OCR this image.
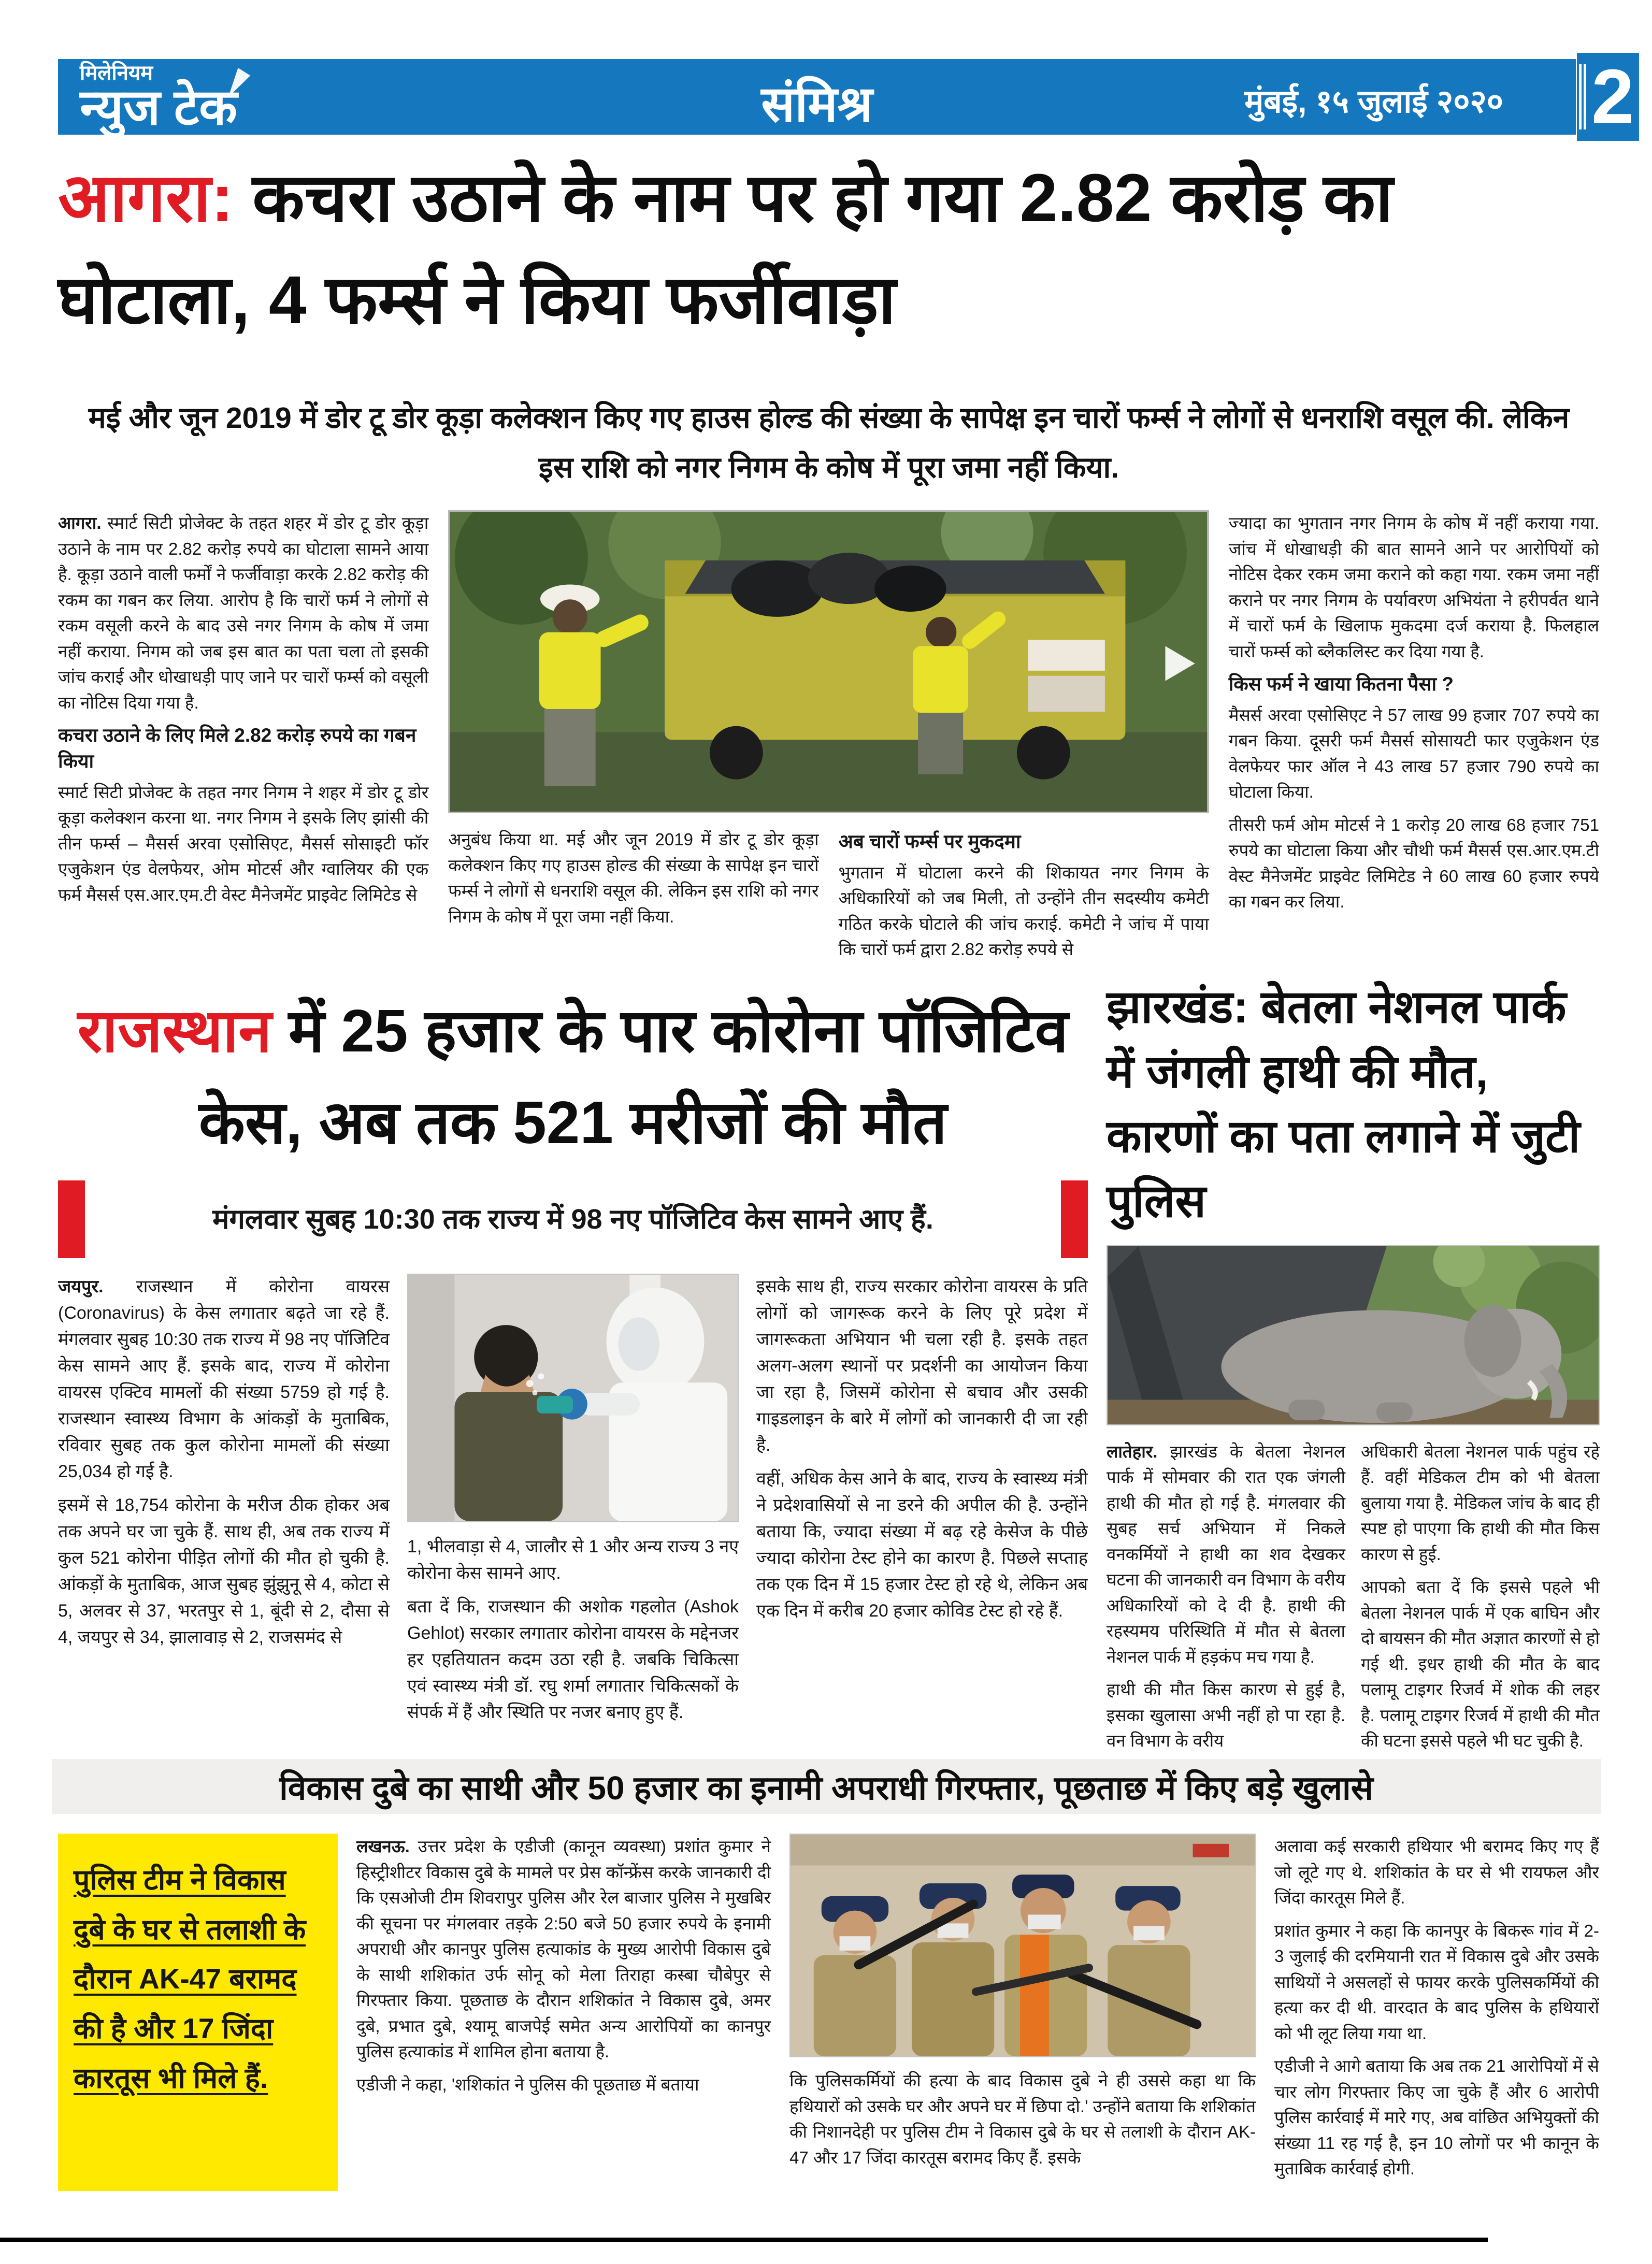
मिलेनियम
न्युज टेक	संमिश्र	मुंबई, १५ जुलाई २०२० 2
आगरा: कचरा उठाने के नाम पर हो गया 2.82 करोड़ का घोटाला, 4 फर्म्स ने किया फर्जीवाड़ा
मई और जून 2019 में डोर टू डोर कूड़ा कलेक्शन किए गए हाउस होल्ड की संख्या के सापेक्ष इन चारों फर्म्स ने लोगों से धनराशि वसूल की. लेकिन इस राशि को नगर निगम के कोष में पूरा जमा नहीं किया.

आगरा. स्मार्ट सिटी प्रोजेक्ट के तहत शहर में डोर टू डोर कूड़ा उठाने के नाम पर 2.82 करोड़ रुपये का घोटाला सामने आया है. कूड़ा उठाने वाली फर्मों ने फर्जीवाड़ा करके 2.82 करोड़ की रकम का गबन कर लिया. आरोप है कि चारों फर्म ने लोगों से रकम वसूली करने के बाद उसे नगर निगम के कोष में जमा नहीं कराया. निगम को जब इस बात का पता चला तो इसकी जांच कराई और धोखाधड़ी पाए जाने पर चारों फर्म्स को वसूली का नोटिस दिया गया है.

कचरा उठाने के लिए मिले 2.82 करोड़ रुपये का गबन किया

स्मार्ट सिटी प्रोजेक्ट के तहत नगर निगम ने शहर में डोर टू डोर कूड़ा कलेक्शन करना था. नगर निगम ने इसके लिए झांसी की तीन फर्म्स – मैसर्स अरवा एसोसिएट, मैसर्स सोसाइटी फॉर एजुकेशन एंड वेलफेयर, ओम मोटर्स और ग्वालियर की एक फर्म मैसर्स एस.आर.एम.टी वेस्ट मैनेजमेंट प्राइवेट लिमिटेड से

अनुबंध किया था. मई और जून 2019 में डोर टू डोर कूड़ा कलेक्शन किए गए हाउस होल्ड की संख्या के सापेक्ष इन चारों फर्म्स ने लोगों से धनराशि वसूल की. लेकिन इस राशि को नगर निगम के कोष में पूरा जमा नहीं किया.

अब चारों फर्म्स पर मुकदमा

भुगतान में घोटाला करने की शिकायत नगर निगम के अधिकारियों को जब मिली, तो उन्होंने तीन सदस्यीय कमेटी गठित करके घोटाले की जांच कराई. कमेटी ने जांच में पाया कि चारों फर्म द्वारा 2.82 करोड़ रुपये से

ज्यादा का भुगतान नगर निगम के कोष में नहीं कराया गया. जांच में धोखाधड़ी की बात सामने आने पर आरोपियों को नोटिस देकर रकम जमा कराने को कहा गया. रकम जमा नहीं कराने पर नगर निगम के पर्यावरण अभियंता ने हरीपर्वत थाने में चारों फर्म के खिलाफ मुकदमा दर्ज कराया है. फिलहाल चारों फर्म्स को ब्लैकलिस्ट कर दिया गया है.

किस फर्म ने खाया कितना पैसा ?

मैसर्स अरवा एसोसिएट ने 57 लाख 99 हजार 707 रुपये का गबन किया. दूसरी फर्म मैसर्स सोसायटी फार एजुकेशन एंड वेलफेयर फार ऑल ने 43 लाख 57 हजार 790 रुपये का घोटाला किया.

तीसरी फर्म ओम मोटर्स ने 1 करोड़ 20 लाख 68 हजार 751 रुपये का घोटाला किया और चौथी फर्म मैसर्स एस.आर.एम.टी वेस्ट मैनेजमेंट प्राइवेट लिमिटेड ने 60 लाख 60 हजार रुपये का गबन कर लिया.

राजस्थान में 25 हजार के पार कोरोना पॉजिटिव केस, अब तक 521 मरीजों की मौत
मंगलवार सुबह 10:30 तक राज्य में 98 नए पॉजिटिव केस सामने आए हैं.

जयपुर. राजस्थान में कोरोना वायरस (Coronavirus) के केस लगातार बढ़ते जा रहे हैं. मंगलवार सुबह 10:30 तक राज्य में 98 नए पॉजिटिव केस सामने आए हैं. इसके बाद, राज्य में कोरोना वायरस एक्टिव मामलों की संख्या 5759 हो गई है. राजस्थान स्वास्थ्य विभाग के आंकड़ों के मुताबिक, रविवार सुबह तक कुल कोरोना मामलों की संख्या 25,034 हो गई है.

इसमें से 18,754 कोरोना के मरीज ठीक होकर अब तक अपने घर जा चुके हैं. साथ ही, अब तक राज्य में कुल 521 कोरोना पीड़ित लोगों की मौत हो चुकी है. आंकड़ों के मुताबिक, आज सुबह झुंझुनू से 4, कोटा से 5, अलवर से 37, भरतपुर से 1, बूंदी से 2, दौसा से 4, जयपुर से 34, झालावाड़ से 2, राजसमंद से

1, भीलवाड़ा से 4, जालौर से 1 और अन्य राज्य 3 नए कोरोना केस सामने आए.

बता दें कि, राजस्थान की अशोक गहलोत (Ashok Gehlot) सरकार लगातार कोरोना वायरस के मद्देनजर हर एहतियातन कदम उठा रही है. जबकि चिकित्सा एवं स्वास्थ्य मंत्री डॉ. रघु शर्मा लगातार चिकित्सकों के संपर्क में हैं और स्थिति पर नजर बनाए हुए हैं.

इसके साथ ही, राज्य सरकार कोरोना वायरस के प्रति लोगों को जागरूक करने के लिए पूरे प्रदेश में जागरूकता अभियान भी चला रही है. इसके तहत अलग-अलग स्थानों पर प्रदर्शनी का आयोजन किया जा रहा है, जिसमें कोरोना से बचाव और उसकी गाइडलाइन के बारे में लोगों को जानकारी दी जा रही है.

वहीं, अधिक केस आने के बाद, राज्य के स्वास्थ्य मंत्री ने प्रदेशवासियों से ना डरने की अपील की है. उन्होंने बताया कि, ज्यादा संख्या में बढ़ रहे केसेज के पीछे ज्यादा कोरोना टेस्ट होने का कारण है. पिछले सप्ताह तक एक दिन में 15 हजार टेस्ट हो रहे थे, लेकिन अब एक दिन में करीब 20 हजार कोविड टेस्ट हो रहे हैं.

झारखंड: बेतला नेशनल पार्क में जंगली हाथी की मौत, कारणों का पता लगाने में जुटी पुलिस

लातेहार. झारखंड के बेतला नेशनल पार्क में सोमवार की रात एक जंगली हाथी की मौत हो गई है. मंगलवार की सुबह सर्च अभियान में निकले वनकर्मियों ने हाथी का शव देखकर घटना की जानकारी वन विभाग के वरीय अधिकारियों को दे दी है. हाथी की रहस्यमय परिस्थिति में मौत से बेतला नेशनल पार्क में हड़कंप मच गया है.

हाथी की मौत किस कारण से हुई है, इसका खुलासा अभी नहीं हो पा रहा है. वन विभाग के वरीय

अधिकारी बेतला नेशनल पार्क पहुंच रहे हैं. वहीं मेडिकल टीम को भी बेतला बुलाया गया है. मेडिकल जांच के बाद ही स्पष्ट हो पाएगा कि हाथी की मौत किस कारण से हुई.

आपको बता दें कि इससे पहले भी बेतला नेशनल पार्क में एक बाघिन और दो बायसन की मौत अज्ञात कारणों से हो गई थी. इधर हाथी की मौत के बाद पलामू टाइगर रिजर्व में शोक की लहर है. पलामू टाइगर रिजर्व में हाथी की मौत की घटना इससे पहले भी घट चुकी है.

विकास दुबे का साथी और 50 हजार का इनामी अपराधी गिरफ्तार, पूछताछ में किए बड़े खुलासे
पुलिस टीम ने विकास दुबे के घर से तलाशी के दौरान AK-47 बरामद की है और 17 जिंदा कारतूस भी मिले हैं.

लखनऊ. उत्तर प्रदेश के एडीजी (कानून व्यवस्था) प्रशांत कुमार ने हिस्ट्रीशीटर विकास दुबे के मामले पर प्रेस कॉन्फ्रेंस करके जानकारी दी कि एसओजी टीम शिवरापुर पुलिस और रेल बाजार पुलिस ने मुखबिर की सूचना पर मंगलवार तड़के 2:50 बजे 50 हजार रुपये के इनामी अपराधी और कानपुर पुलिस हत्याकांड के मुख्य आरोपी विकास दुबे के साथी शशिकांत उर्फ सोनू को मेला तिराहा कस्बा चौबेपुर से गिरफ्तार किया. पूछताछ के दौरान शशिकांत ने विकास दुबे, अमर दुबे, प्रभात दुबे, श्यामू बाजपेई समेत अन्य आरोपियों का कानपुर पुलिस हत्याकांड में शामिल होना बताया है.

एडीजी ने कहा, 'शशिकांत ने पुलिस की पूछताछ में बताया	कि पुलिसकर्मियों की हत्या के बाद विकास दुबे ने ही उससे कहा था कि हथियारों को उसके घर और अपने घर में छिपा दो.' उन्होंने बताया कि शशिकांत की निशानदेही पर पुलिस टीम ने विकास दुबे के घर से तलाशी के दौरान AK-47 और 17 जिंदा कारतूस बरामद किए हैं. इसके

अलावा कई सरकारी हथियार भी बरामद किए गए हैं जो लूटे गए थे. शशिकांत के घर से भी रायफल और जिंदा कारतूस मिले हैं.

प्रशांत कुमार ने कहा कि कानपुर के बिकरू गांव में 2-3 जुलाई की दरमियानी रात में विकास दुबे और उसके साथियों ने असलहों से फायर करके पुलिसकर्मियों की हत्या कर दी थी. वारदात के बाद पुलिस के हथियारों को भी लूट लिया गया था.

एडीजी ने आगे बताया कि अब तक 21 आरोपियों में से चार लोग गिरफ्तार किए जा चुके हैं और 6 आरोपी पुलिस कार्रवाई में मारे गए, अब वांछित अभियुक्तों की संख्या 11 रह गई है, इन 10 लोगों पर भी कानून के मुताबिक कार्रवाई होगी.
